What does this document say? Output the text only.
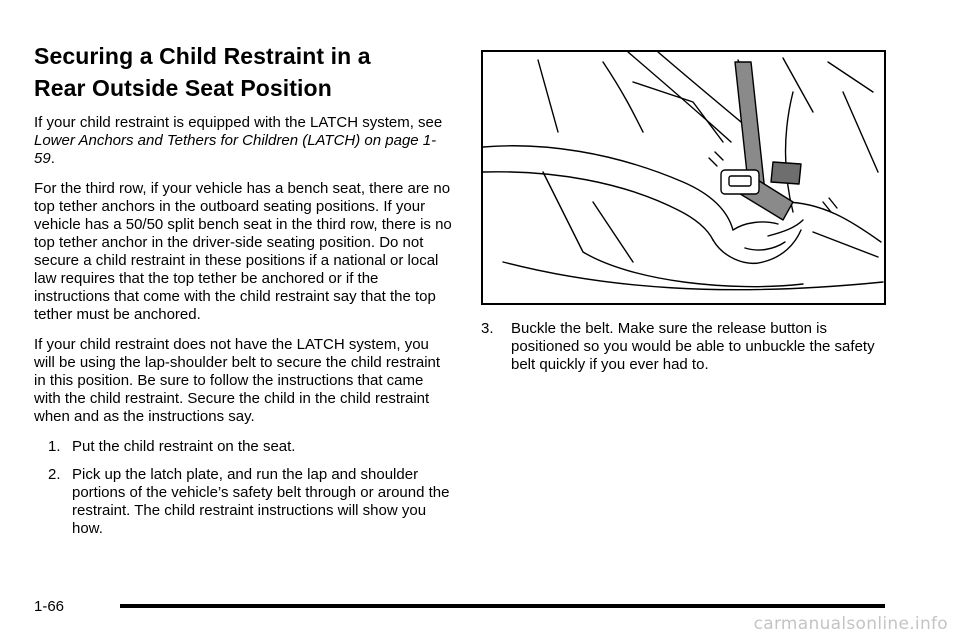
Securing a Child Restraint in a
Rear Outside Seat Position

If your child restraint is equipped with the LATCH system, see Lower Anchors and Tethers for Children (LATCH) on page 1-59.

For the third row, if your vehicle has a bench seat, there are no top tether anchors in the outboard seating positions. If your vehicle has a 50/50 split bench seat in the third row, there is no top tether anchor in the driver-side seating position. Do not secure a child restraint in these positions if a national or local law requires that the top tether be anchored or if the instructions that come with the child restraint say that the top tether must be anchored.

If your child restraint does not have the LATCH system, you will be using the lap-shoulder belt to secure the child restraint in this position. Be sure to follow the instructions that came with the child restraint. Secure the child in the child restraint when and as the instructions say.

1. Put the child restraint on the seat.
2. Pick up the latch plate, and run the lap and shoulder portions of the vehicle’s safety belt through or around the restraint. The child restraint instructions will show you how.
3. Buckle the belt. Make sure the release button is positioned so you would be able to unbuckle the safety belt quickly if you ever had to.
1-66
carmanualsonline.info
